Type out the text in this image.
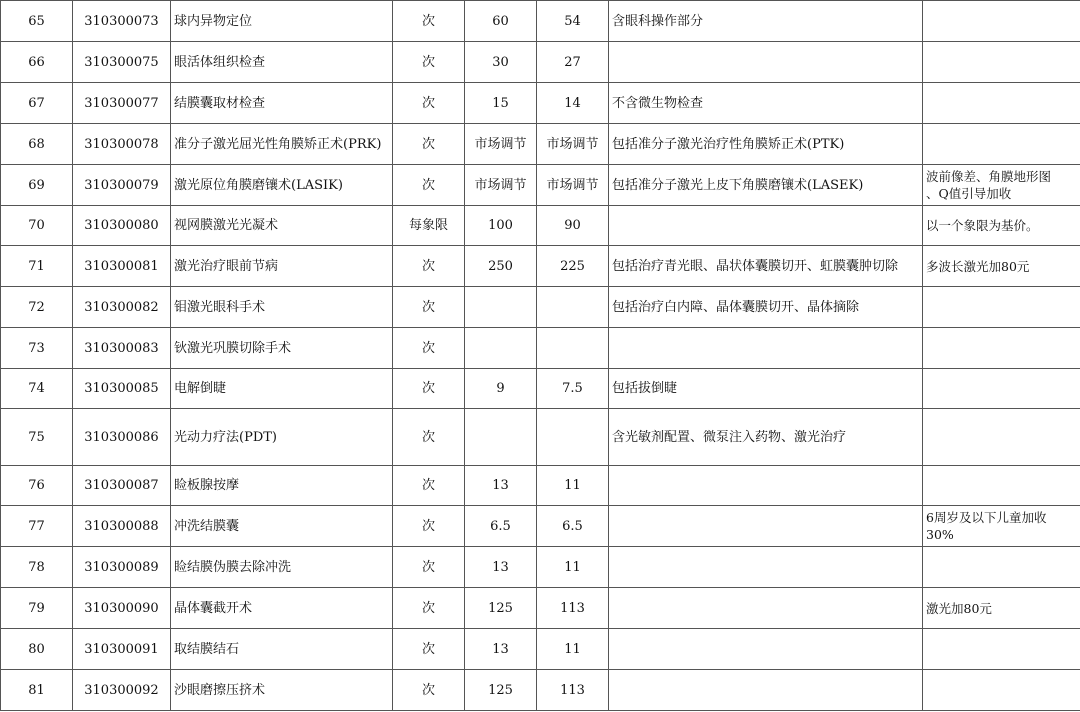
65	310300073	球内异物定位	次	60	54	含眼科操作部分	
66	310300075	眼活体组织检查	次	30	27		
67	310300077	结膜囊取材检查	次	15	14	不含微生物检查	
68	310300078	准分子激光屈光性角膜矫正术(PRK)	次	市场调节	市场调节	包括准分子激光治疗性角膜矫正术(PTK)	
69	310300079	激光原位角膜磨镶术(LASIK)	次	市场调节	市场调节	包括准分子激光上皮下角膜磨镶术(LASEK)	波前像差、角膜地形图
、Q值引导加收
70	310300080	视网膜激光光凝术	每象限	100	90		以一个象限为基价。
71	310300081	激光治疗眼前节病	次	250	225	包括治疗青光眼、晶状体囊膜切开、虹膜囊肿切除	多波长激光加80元
72	310300082	钼激光眼科手术	次			包括治疗白内障、晶体囊膜切开、晶体摘除	
73	310300083	钬激光巩膜切除手术	次				
74	310300085	电解倒睫	次	9	7.5	包括拔倒睫	
75	310300086	光动力疗法(PDT)	次			含光敏剂配置、微泵注入药物、激光治疗	
76	310300087	睑板腺按摩	次	13	11		
77	310300088	冲洗结膜囊	次	6.5	6.5		6周岁及以下儿童加收
30%
78	310300089	睑结膜伪膜去除冲洗	次	13	11		
79	310300090	晶体囊截开术	次	125	113		激光加80元
80	310300091	取结膜结石	次	13	11		
81	310300092	沙眼磨擦压挤术	次	125	113		
